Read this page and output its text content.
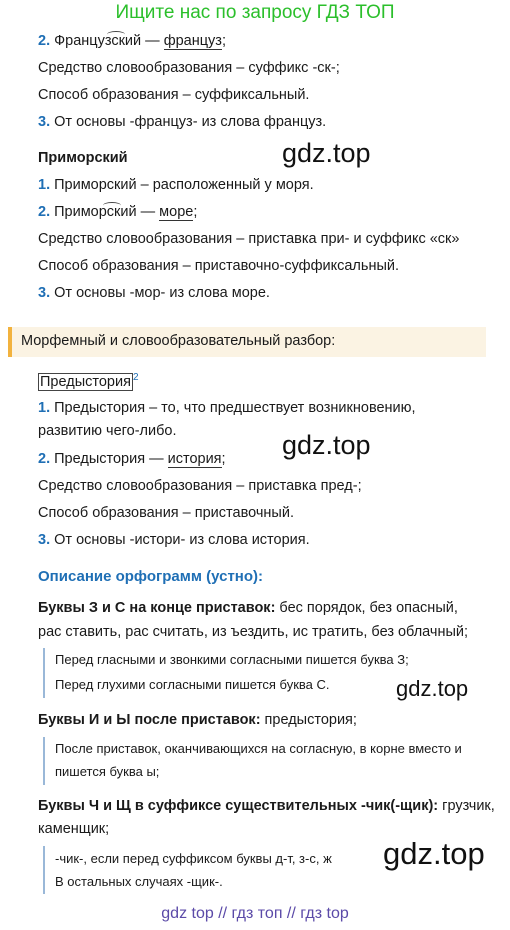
Ищите нас по запросу ГДЗ ТОП
2. Французский — француз;
Средство словообразования – суффикс -ск-;
Способ образования – суффиксальный.
3. От основы -француз- из слова француз.
Приморский	gdz.top
1. Приморский – расположенный у моря.
2. Приморский — море;
Средство словообразования – приставка при- и суффикс «ск»
Способ образования – приставочно-суффиксальный.
3. От основы -мор- из слова море.
Морфемный и словообразовательный разбор:
Предыстория $^2$
1. Предыстория – то, что предшествует возникновению,
развитию чего-либо.	gdz.top
2. Предыстория — история;
Средство словообразования – приставка пред-;
Способ образования – приставочный.
3. От основы -истори- из слова история.
Описание орфограмм (устно):
Буквы З и С на конце приставок: бес порядок, без опасный,
рас ставить, рас считать, из ъездить, ис тратить, без облачный;
Перед гласными и звонкими согласными пишется буква З;
Перед глухими согласными пишется буква С.	gdz.top
Буквы И и Ы после приставок: предыстория;
После приставок, оканчивающихся на согласную, в корне вместо и
пишется буква ы;
Буквы Ч и Щ в суффиксе существительных -чик(-щик): грузчик,
каменщик;
-чик-, если перед суффиксом буквы д-т, з-с, ж
В остальных случаях -щик-.
gdz.top
gdz top // гдз топ // гдз top
